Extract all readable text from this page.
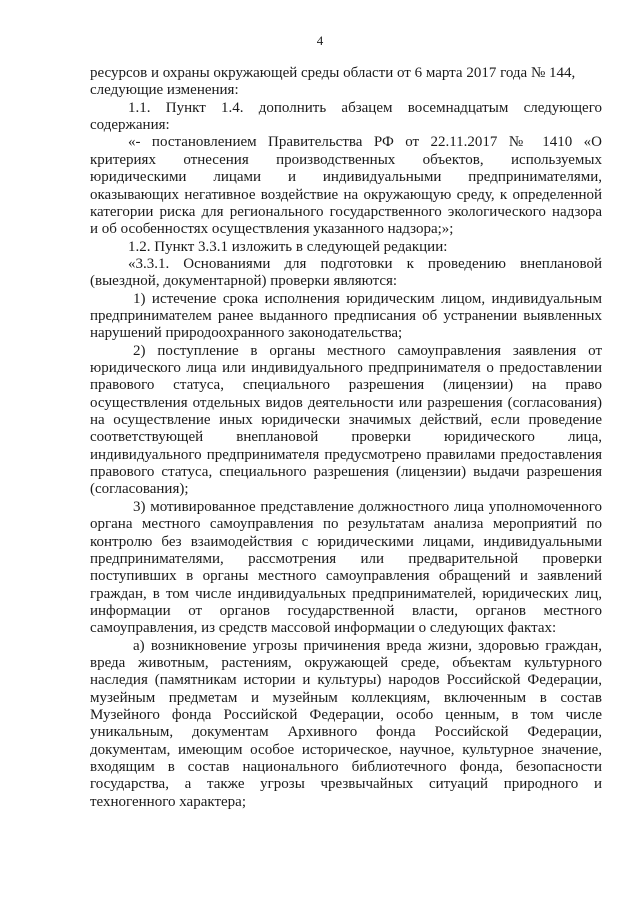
4
ресурсов и охраны окружающей среды области от 6 марта 2017 года № 144,
следующие изменения:
1.1. Пункт 1.4. дополнить абзацем восемнадцатым следующего
содержания:
«- постановлением Правительства РФ от 22.11.2017 № 1410 «О
критериях отнесения производственных объектов, используемых
юридическими лицами и индивидуальными предпринимателями,
оказывающих негативное воздействие на окружающую среду, к определенной
категории риска для регионального государственного экологического надзора
и об особенностях осуществления указанного надзора;»;
1.2. Пункт 3.3.1 изложить в следующей редакции:
«3.3.1. Основаниями для подготовки к проведению внеплановой
(выездной, документарной) проверки являются:
1) истечение срока исполнения юридическим лицом, индивидуальным
предпринимателем ранее выданного предписания об устранении выявленных
нарушений природоохранного законодательства;
2) поступление в органы местного самоуправления заявления от
юридического лица или индивидуального предпринимателя о предоставлении
правового статуса, специального разрешения (лицензии) на право
осуществления отдельных видов деятельности или разрешения (согласования)
на осуществление иных юридически значимых действий, если проведение
соответствующей внеплановой проверки юридического лица,
индивидуального предпринимателя предусмотрено правилами предоставления
правового статуса, специального разрешения (лицензии) выдачи разрешения
(согласования);
3) мотивированное представление должностного лица уполномоченного
органа местного самоуправления по результатам анализа мероприятий по
контролю без взаимодействия с юридическими лицами, индивидуальными
предпринимателями, рассмотрения или предварительной проверки
поступивших в органы местного самоуправления обращений и заявлений
граждан, в том числе индивидуальных предпринимателей, юридических лиц,
информации от органов государственной власти, органов местного
самоуправления, из средств массовой информации о следующих фактах:
а) возникновение угрозы причинения вреда жизни, здоровью граждан,
вреда животным, растениям, окружающей среде, объектам культурного
наследия (памятникам истории и культуры) народов Российской Федерации,
музейным предметам и музейным коллекциям, включенным в состав
Музейного фонда Российской Федерации, особо ценным, в том числе
уникальным, документам Архивного фонда Российской Федерации,
документам, имеющим особое историческое, научное, культурное значение,
входящим в состав национального библиотечного фонда, безопасности
государства, а также угрозы чрезвычайных ситуаций природного и
техногенного характера;
